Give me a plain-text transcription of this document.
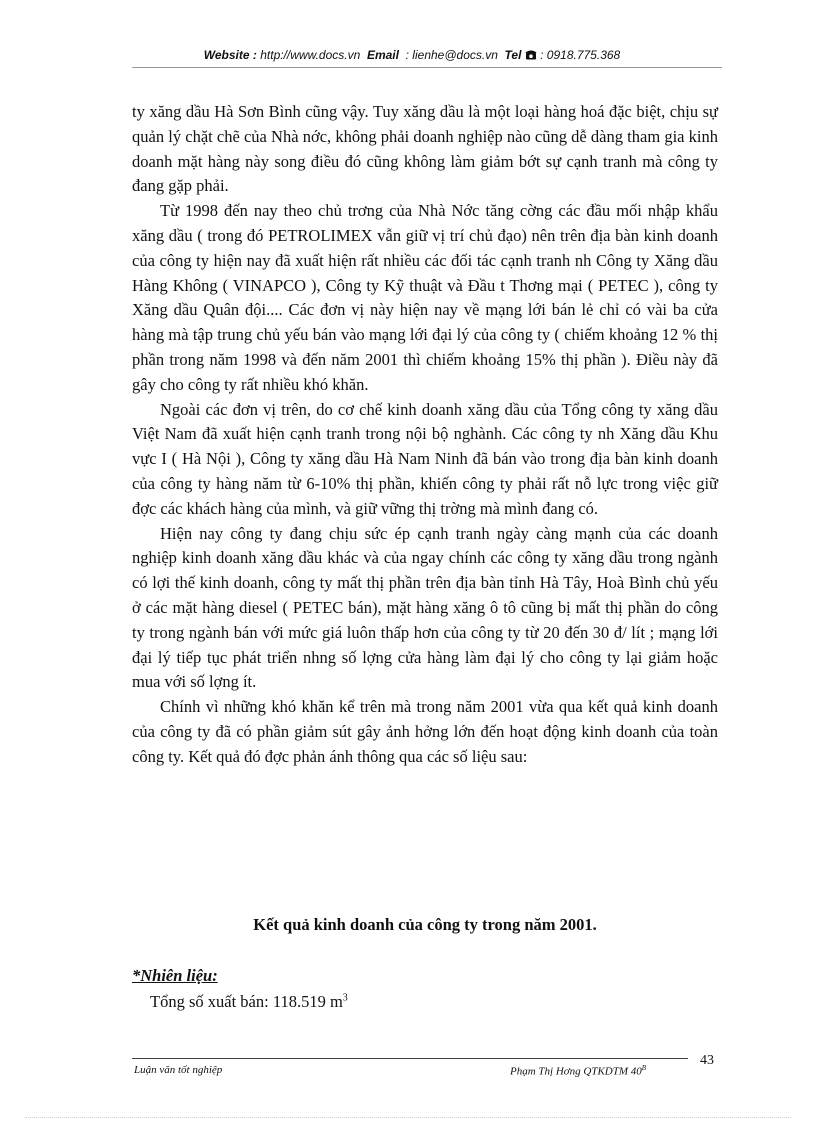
Website : http://www.docs.vn Email : lienhe@docs.vn Tel : 0918.775.368

ty xăng dầu Hà Sơn Bình cũng vậy. Tuy xăng dầu là một loại hàng hoá đặc biệt, chịu sự quản lý chặt chẽ của Nhà nớc, không phải doanh nghiệp nào cũng dễ dàng tham gia kinh doanh mặt hàng này song điều đó cũng không làm giảm bớt sự cạnh tranh mà công ty đang gặp phải.

Từ 1998 đến nay theo chủ trơng của Nhà Nớc tăng cờng các đầu mối nhập khẩu xăng dầu ( trong đó PETROLIMEX vẫn giữ vị trí chủ đạo) nên trên địa bàn kinh doanh của công ty hiện nay đã xuất hiện rất nhiều các đối tác cạnh tranh nh Công ty Xăng dầu Hàng Không ( VINAPCO ), Công ty Kỹ thuật và Đầu t Thơng mại ( PETEC ), công ty Xăng dầu Quân đội.... Các đơn vị này hiện nay về mạng lới bán lẻ chỉ có vài ba cửa hàng mà tập trung chủ yếu bán vào mạng lới đại lý của công ty ( chiếm khoảng 12 % thị phần trong năm 1998 và đến năm 2001 thì chiếm khoảng 15% thị phần ). Điều này đã gây cho công ty rất nhiều khó khăn.

Ngoài các đơn vị trên, do cơ chế kinh doanh xăng dầu của Tổng công ty xăng dầu Việt Nam đã xuất hiện cạnh tranh trong nội bộ nghành. Các công ty nh Xăng dầu Khu vực I ( Hà Nội ), Công ty xăng dầu Hà Nam Ninh đã bán vào trong địa bàn kinh doanh của công ty hàng năm từ 6-10% thị phần, khiến công ty phải rất nỗ lực trong việc giữ đợc các khách hàng của mình, và giữ vững thị trờng mà mình đang có.

Hiện nay công ty đang chịu sức ép cạnh tranh ngày càng mạnh của các doanh nghiệp kinh doanh xăng dầu khác và của ngay chính các công ty xăng dầu trong ngành có lợi thế kinh doanh, công ty mất thị phần trên địa bàn tỉnh Hà Tây, Hoà Bình chủ yếu ở các mặt hàng diesel ( PETEC bán), mặt hàng xăng ô tô cũng bị mất thị phần do công ty trong ngành bán với mức giá luôn thấp hơn của công ty từ 20 đến 30 đ/ lít ; mạng lới đại lý tiếp tục phát triển nhng số lợng cửa hàng làm đại lý cho công ty lại giảm hoặc mua với số lợng ít.

Chính vì những khó khăn kể trên mà trong năm 2001 vừa qua kết quả kinh doanh của công ty đã có phần giảm sút gây ảnh hởng lớn đến hoạt động kinh doanh của toàn công ty. Kết quả đó đợc phản ánh thông qua các số liệu sau:

Kết quả kinh doanh của công ty trong năm 2001.
*Nhiên liệu:
Tổng số xuất bán: 118.519 $m^3$
Luận văn tốt nghiệp	Phạm Thị Hơng QTKDTM $40^B$	43
